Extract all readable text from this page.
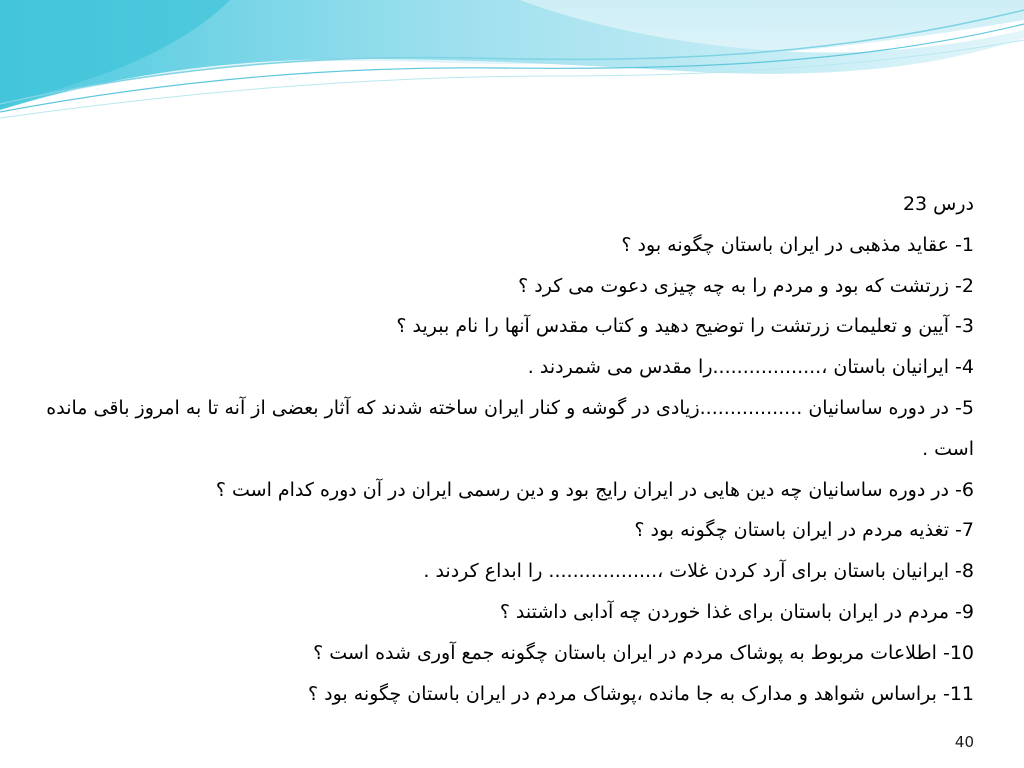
درس 23

1- عقاید مذهبی در ایران باستان چگونه بود ؟

2- زرتشت که بود و مردم را به چه چیزی دعوت می کرد ؟

3- آیین و تعلیمات زرتشت را توضیح دهید و کتاب مقدس آنها را نام ببرید ؟

4- ایرانیان باستان ،..................را مقدس می شمردند .

5- در دوره ساسانیان .................زیادی در گوشه و کنار ایران ساخته شدند که آثار بعضی از آنه تا به امروز باقی مانده است .

6- در دوره ساسانیان چه دین هایی در ایران رایج بود و دین رسمی ایران در آن دوره کدام است ؟

7- تغذیه مردم در ایران باستان چگونه بود ؟

8- ایرانیان باستان برای آرد کردن غلات ،.................. را ابداع کردند .

9- مردم در ایران باستان برای غذا خوردن چه آدابی داشتند ؟

10- اطلاعات مربوط به پوشاک مردم در ایران باستان چگونه جمع آوری شده است ؟

11- براساس شواهد و مدارک به جا مانده ،پوشاک مردم در ایران باستان چگونه بود ؟

40
